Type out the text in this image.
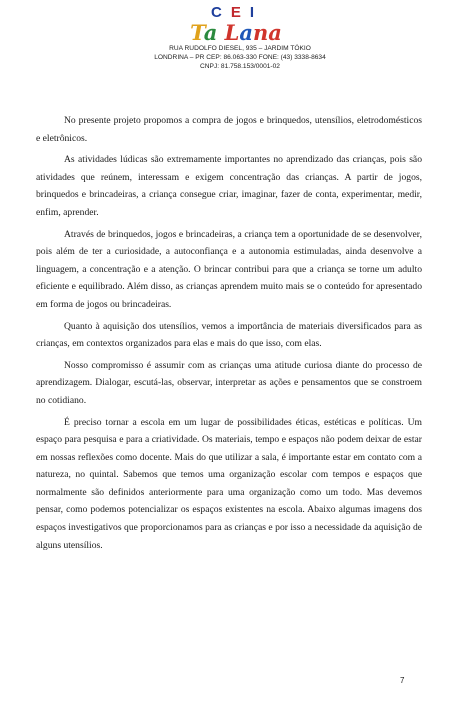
CEI
Ta Lana
RUA RUDOLFO DIESEL, 935 – JARDIM TÓKIO
LONDRINA – PR CEP: 86.063-330 FONE: (43) 3338-8634
CNPJ: 81.758.153/0001-02

No presente projeto propomos a compra de jogos e brinquedos, utensílios, eletrodomésticos e eletrônicos.

As atividades lúdicas são extremamente importantes no aprendizado das crianças, pois são atividades que reúnem, interessam e exigem concentração das crianças. A partir de jogos, brinquedos e brincadeiras, a criança consegue criar, imaginar, fazer de conta, experimentar, medir, enfim, aprender.

Através de brinquedos, jogos e brincadeiras, a criança tem a oportunidade de se desenvolver, pois além de ter a curiosidade, a autoconfiança e a autonomia estimuladas, ainda desenvolve a linguagem, a concentração e a atenção. O brincar contribui para que a criança se torne um adulto eficiente e equilibrado. Além disso, as crianças aprendem muito mais se o conteúdo for apresentado em forma de jogos ou brincadeiras.

Quanto à aquisição dos utensílios, vemos a importância de materiais diversificados para as crianças, em contextos organizados para elas e mais do que isso, com elas.

Nosso compromisso é assumir com as crianças uma atitude curiosa diante do processo de aprendizagem. Dialogar, escutá-las, observar, interpretar as ações e pensamentos que se constroem no cotidiano.

É preciso tornar a escola em um lugar de possibilidades éticas, estéticas e políticas. Um espaço para pesquisa e para a criatividade. Os materiais, tempo e espaços não podem deixar de estar em nossas reflexões como docente. Mais do que utilizar a sala, é importante estar em contato com a natureza, no quintal. Sabemos que temos uma organização escolar com tempos e espaços que normalmente são definidos anteriormente para uma organização como um todo. Mas devemos pensar, como podemos potencializar os espaços existentes na escola. Abaixo algumas imagens dos espaços investigativos que proporcionamos para as crianças e por isso a necessidade da aquisição de alguns utensílios.

7
